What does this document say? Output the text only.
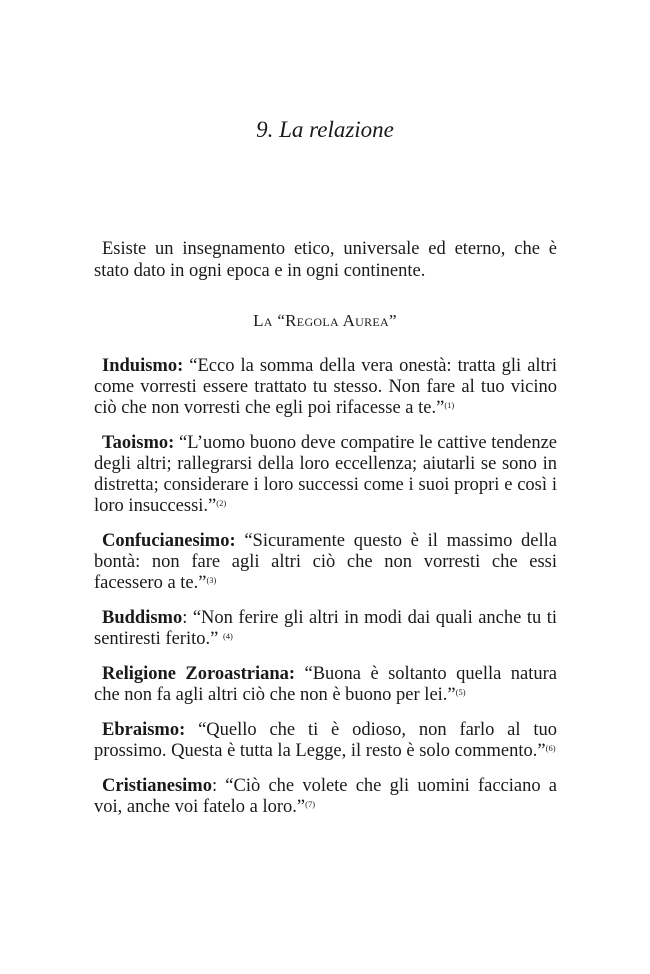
9. La relazione

Esiste un insegnamento etico, universale ed eterno, che è stato dato in ogni epoca e in ogni continente.

La “Regola Aurea”

Induismo: “Ecco la somma della vera onestà: tratta gli altri come vorresti essere trattato tu stesso. Non fare al tuo vicino ciò che non vorresti che egli poi rifacesse a te.”$^{(1)}$

Taoismo: “L’uomo buono deve compatire le cattive tendenze degli altri; rallegrarsi della loro eccellenza; aiutarli se sono in distretta; considerare i loro successi come i suoi propri e così i loro insuccessi.”$^{(2)}$

Confucianesimo: “Sicuramente questo è il massimo della bontà: non fare agli altri ciò che non vorresti che essi facessero a te.”$^{(3)}$

Buddismo: “Non ferire gli altri in modi dai quali anche tu ti sentiresti ferito.” $^{(4)}$

Religione Zoroastriana: “Buona è soltanto quella natura che non fa agli altri ciò che non è buono per lei.”$^{(5)}$

Ebraismo: “Quello che ti è odioso, non farlo al tuo prossimo. Questa è tutta la Legge, il resto è solo commento.”$^{(6)}$

Cristianesimo: “Ciò che volete che gli uomini facciano a voi, anche voi fatelo a loro.”$^{(7)}$
